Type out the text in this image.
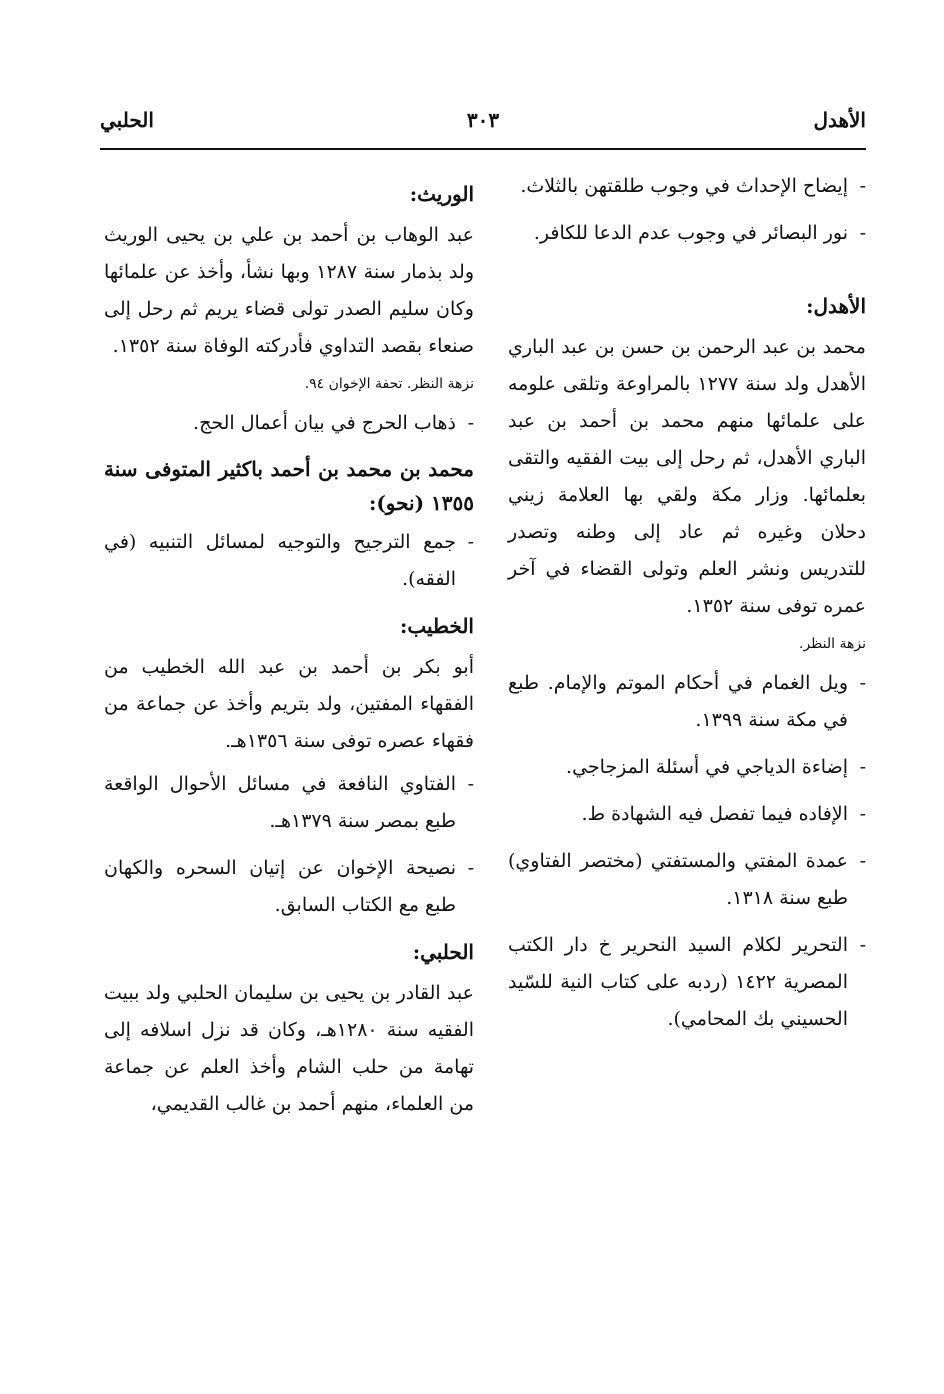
الأهدل
٣٠٣
الحلبي
-
إيضاح الإحداث في وجوب طلقتهن بالثلاث.
-
نور البصائر في وجوب عدم الدعا للكافر.
الأهدل:
محمد بن عبد الرحمن بن حسن بن عبد الباري الأهدل ولد سنة ١٢٧٧ بالمراوعة وتلقى علومه على علمائها منهم محمد بن أحمد بن عبد الباري الأهدل، ثم رحل إلى بيت الفقيه والتقى بعلمائها. وزار مكة ولقي بها العلامة زيني دحلان وغيره ثم عاد إلى وطنه وتصدر للتدريس ونشر العلم وتولى القضاء في آخر عمره توفى سنة ١٣٥٢.
نزهة النظر.
-
ويل الغمام في أحكام الموتم والإمام. طبع في مكة سنة ١٣٩٩.
-
إضاءة الدياجي في أسئلة المزجاجي.
-
الإفاده فيما تفصل فيه الشهادة ط.
-
عمدة المفتي والمستفتي (مختصر الفتاوي) طبع سنة ١٣١٨.
-
التحرير لكلام السيد النحرير خ دار الكتب المصرية ١٤٢٢ (ردبه على كتاب النية للسّيد الحسيني بك المحامي).
الوريث:
عبد الوهاب بن أحمد بن علي بن يحيى الوريث ولد بذمار سنة ١٢٨٧ وبها نشأ، وأخذ عن علمائها وكان سليم الصدر تولى قضاء يريم ثم رحل إلى صنعاء بقصد التداوي فأدركته الوفاة سنة ١٣٥٢.
نزهة النظر. تحفة الإخوان ٩٤.
-
ذهاب الحرج في بيان أعمال الحج.
محمد بن محمد بن أحمد باكثير المتوفى سنة ١٣٥٥ (نحو):
-
جمع الترجيح والتوجيه لمسائل التنبيه (في الفقه).
الخطيب:
أبو بكر بن أحمد بن عبد الله الخطيب من الفقهاء المفتين، ولد بتريم وأخذ عن جماعة من فقهاء عصره توفى سنة ١٣٥٦هـ.
-
الفتاوي النافعة في مسائل الأحوال الواقعة طبع بمصر سنة ١٣٧٩هـ.
-
نصيحة الإخوان عن إتيان السحره والكهان طبع مع الكتاب السابق.
الحلبي:
عبد القادر بن يحيى بن سليمان الحلبي ولد ببيت الفقيه سنة ١٢٨٠هـ، وكان قد نزل اسلافه إلى تهامة من حلب الشام وأخذ العلم عن جماعة من العلماء، منهم أحمد بن غالب القديمي،
